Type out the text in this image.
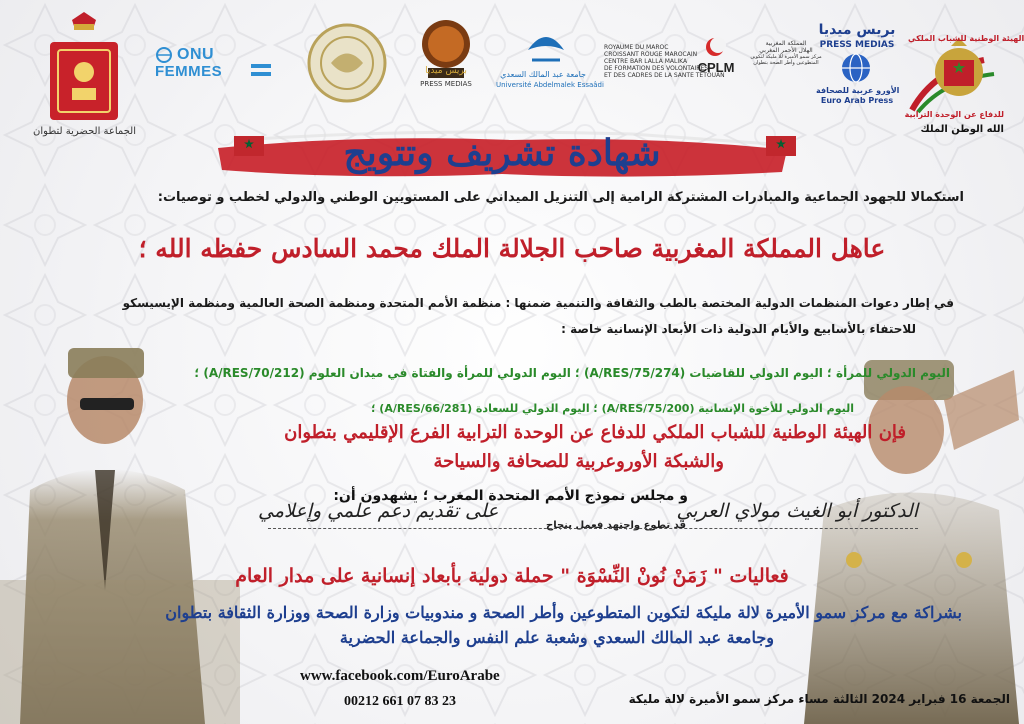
شهادة تشريف وتتويج
الجماعة الحضرية لتطوان
ONU
FEMMES	بريس ميديا
PRESS MEDIAS
جامعة عبد المالك السعدي
Université Abdelmalek Essaâdi
ROYAUME DU MAROC
CROISSANT ROUGE MAROCAIN
CENTRE BAR LALLA MALIKA
DE FORMATION DES VOLONTAIRES
ET DES CADRES DE LA SANTE TETOUAN
CPLM
المملكة المغربية
الهلال الأحمر المغربي
مركز سمو الأميرة للا مليكة لتكوين
المتطوعين وأطر الصحة بتطوان
بريس ميديا
PRESS MEDIAS
الأورو عربية للصحافة
Euro Arab Press
الهيئة الوطنية للشباب الملكي
للدفاع عن الوحدة الترابية
الله الوطن الملك
استكمالا للجهود الجماعية والمبادرات المشتركة الرامية إلى التنزيل الميداني على المستويين الوطني والدولي لخطب و توصيات:
عاهل المملكة المغربية صاحب الجلالة الملك محمد السادس حفظه الله ؛
في إطار دعوات المنظمات الدولية المختصة بالطب والثقافة والتنمية ضمنها : منظمة الأمم المتحدة ومنظمة الصحة العالمية ومنظمة الإيسيسكو
للاحتفاء بالأسابيع والأيام الدولية ذات الأبعاد الإنسانية خاصة :
اليوم الدولي للمرأة ؛ اليوم الدولي للقاضيات (A/RES/75/274) ؛ اليوم الدولي للمرأة والفتاة في ميدان العلوم (A/RES/70/212) ؛
اليوم الدولي للأخوة الإنسانية (A/RES/75/200) ؛ اليوم الدولي للسعادة (A/RES/66/281) ؛
فإن الهيئة الوطنية للشباب الملكي للدفاع عن الوحدة الترابية الفرع الإقليمي بتطوان
والشبكة الأوروعربية للصحافة والسياحة
و مجلس نموذج الأمم المتحدة المغرب ؛ يشهدون أن:
الدكتور أبو الغيث مولاي العربي
على تقديم دعم علمي وإعلامي
قد تطوع واجتهد فعمل بنجاح
فعاليات " زَمَنْ نُونْ النِّسْوَة " حملة دولية بأبعاد إنسانية على مدار العام
بشراكة مع مركز سمو الأميرة لالة مليكة لتكوين المتطوعين وأطر الصحة و مندوبيات وزارة الصحة ووزارة الثقافة بتطوان
وجامعة عبد المالك السعدي وشعبة علم النفس والجماعة الحضرية
www.facebook.com/EuroArabe
00212 661 07 83 23	الجمعة 16 فبراير 2024 الثالثة مساء مركز سمو الأميرة لالة مليكة
